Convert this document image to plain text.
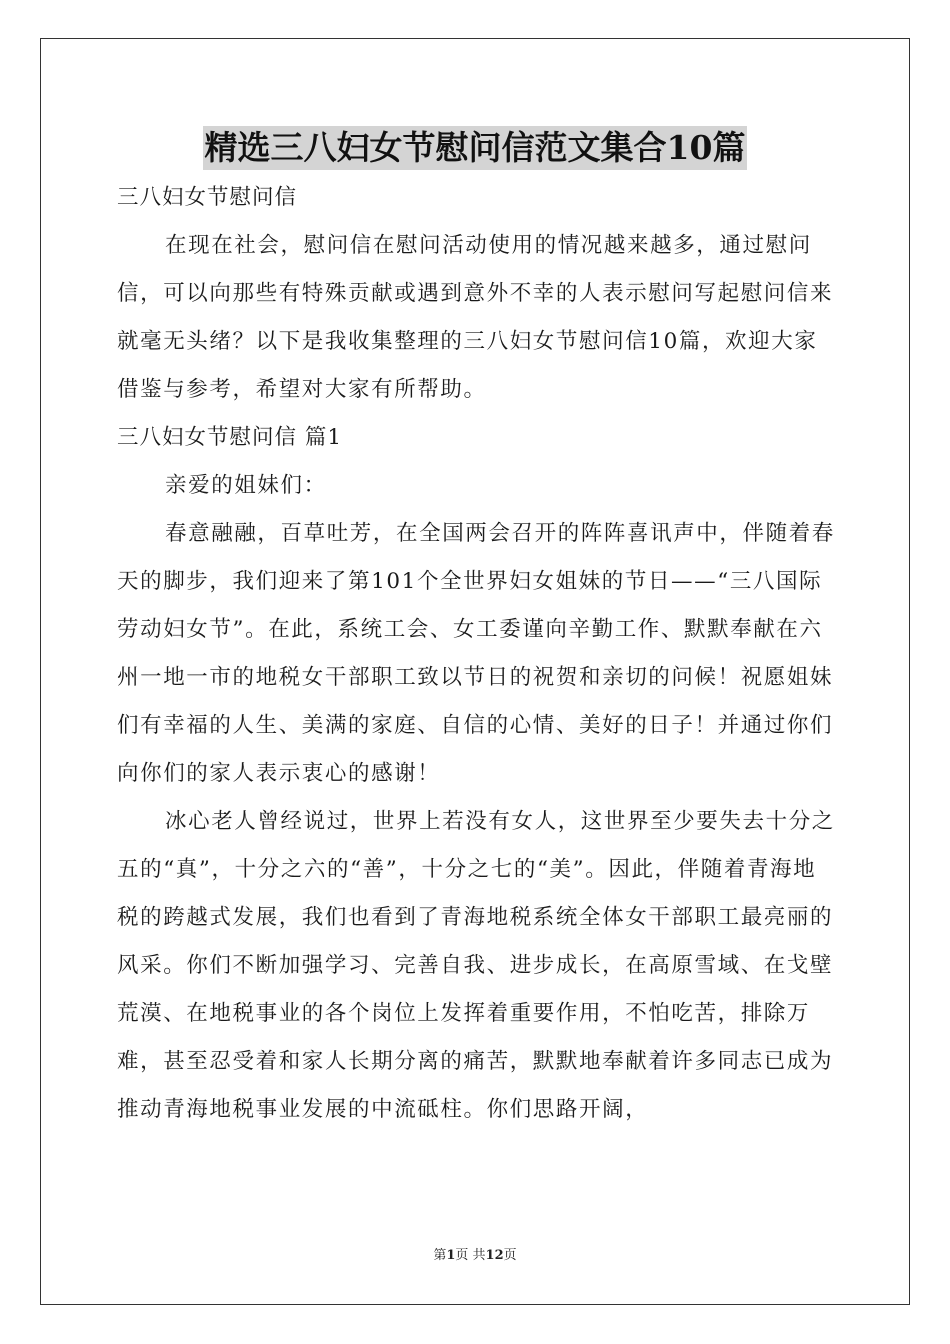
精选三八妇女节慰问信范文集合10篇

三八妇女节慰问信

在现在社会，慰问信在慰问活动使用的情况越来越多，通过慰问信，可以向那些有特殊贡献或遇到意外不幸的人表示慰问写起慰问信来就毫无头绪？以下是我收集整理的三八妇女节慰问信10篇，欢迎大家借鉴与参考，希望对大家有所帮助。

三八妇女节慰问信 篇1

亲爱的姐妹们：

春意融融，百草吐芳，在全国两会召开的阵阵喜讯声中，伴随着春天的脚步，我们迎来了第101个全世界妇女姐妹的节日——“三八国际劳动妇女节”。在此，系统工会、女工委谨向辛勤工作、默默奉献在六州一地一市的地税女干部职工致以节日的祝贺和亲切的问候！祝愿姐妹们有幸福的人生、美满的家庭、自信的心情、美好的日子！并通过你们向你们的家人表示衷心的感谢！

冰心老人曾经说过，世界上若没有女人，这世界至少要失去十分之五的“真”，十分之六的“善”，十分之七的“美”。因此，伴随着青海地税的跨越式发展，我们也看到了青海地税系统全体女干部职工最亮丽的风采。你们不断加强学习、完善自我、进步成长，在高原雪域、在戈壁荒漠、在地税事业的各个岗位上发挥着重要作用，不怕吃苦，排除万难，甚至忍受着和家人长期分离的痛苦，默默地奉献着许多同志已成为推动青海地税事业发展的中流砥柱。你们思路开阔，

第1页 共12页
